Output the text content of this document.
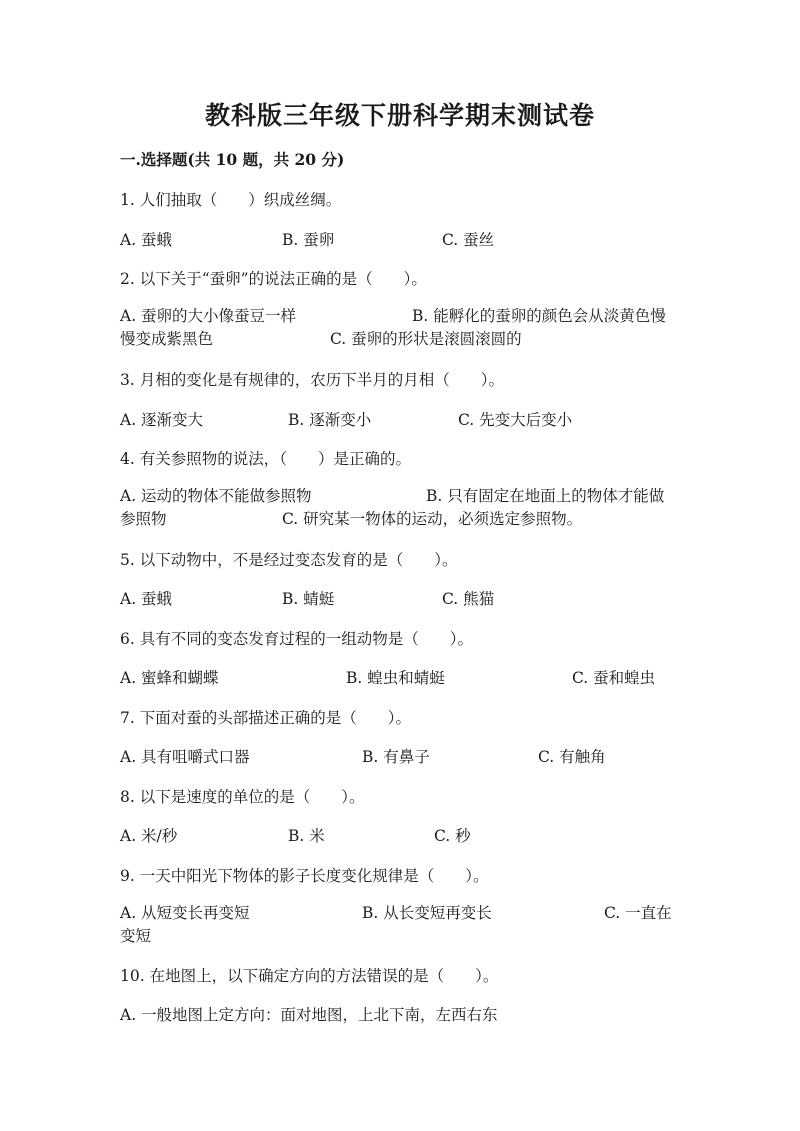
教科版三年级下册科学期末测试卷
一.选择题(共 10 题，共 20 分)
1. 人们抽取（　　）织成丝绸。
A. 蚕蛾	B. 蚕卵	C. 蚕丝
2. 以下关于“蚕卵”的说法正确的是（　　）。
A. 蚕卵的大小像蚕豆一样	B. 能孵化的蚕卵的颜色会从淡黄色慢
慢变成紫黑色	C. 蚕卵的形状是滚圆滚圆的
3. 月相的变化是有规律的，农历下半月的月相（　　）。
A. 逐渐变大	B. 逐渐变小	C. 先变大后变小
4. 有关参照物的说法，（　　）是正确的。
A. 运动的物体不能做参照物	B. 只有固定在地面上的物体才能做
参照物	C. 研究某一物体的运动，必须选定参照物。
5. 以下动物中，不是经过变态发育的是（　　）。
A. 蚕蛾	B. 蜻蜓	C. 熊猫
6. 具有不同的变态发育过程的一组动物是（　　）。
A. 蜜蜂和蝴蝶	B. 蝗虫和蜻蜓	C. 蚕和蝗虫
7. 下面对蚕的头部描述正确的是（　　）。
A. 具有咀嚼式口器	B. 有鼻子	C. 有触角
8. 以下是速度的单位的是（　　）。
A. 米/秒	B. 米	C. 秒
9. 一天中阳光下物体的影子长度变化规律是（　　）。
A. 从短变长再变短	B. 从长变短再变长	C. 一直在
变短
10. 在地图上，以下确定方向的方法错误的是（　　）。
A. 一般地图上定方向：面对地图，上北下南，左西右东
